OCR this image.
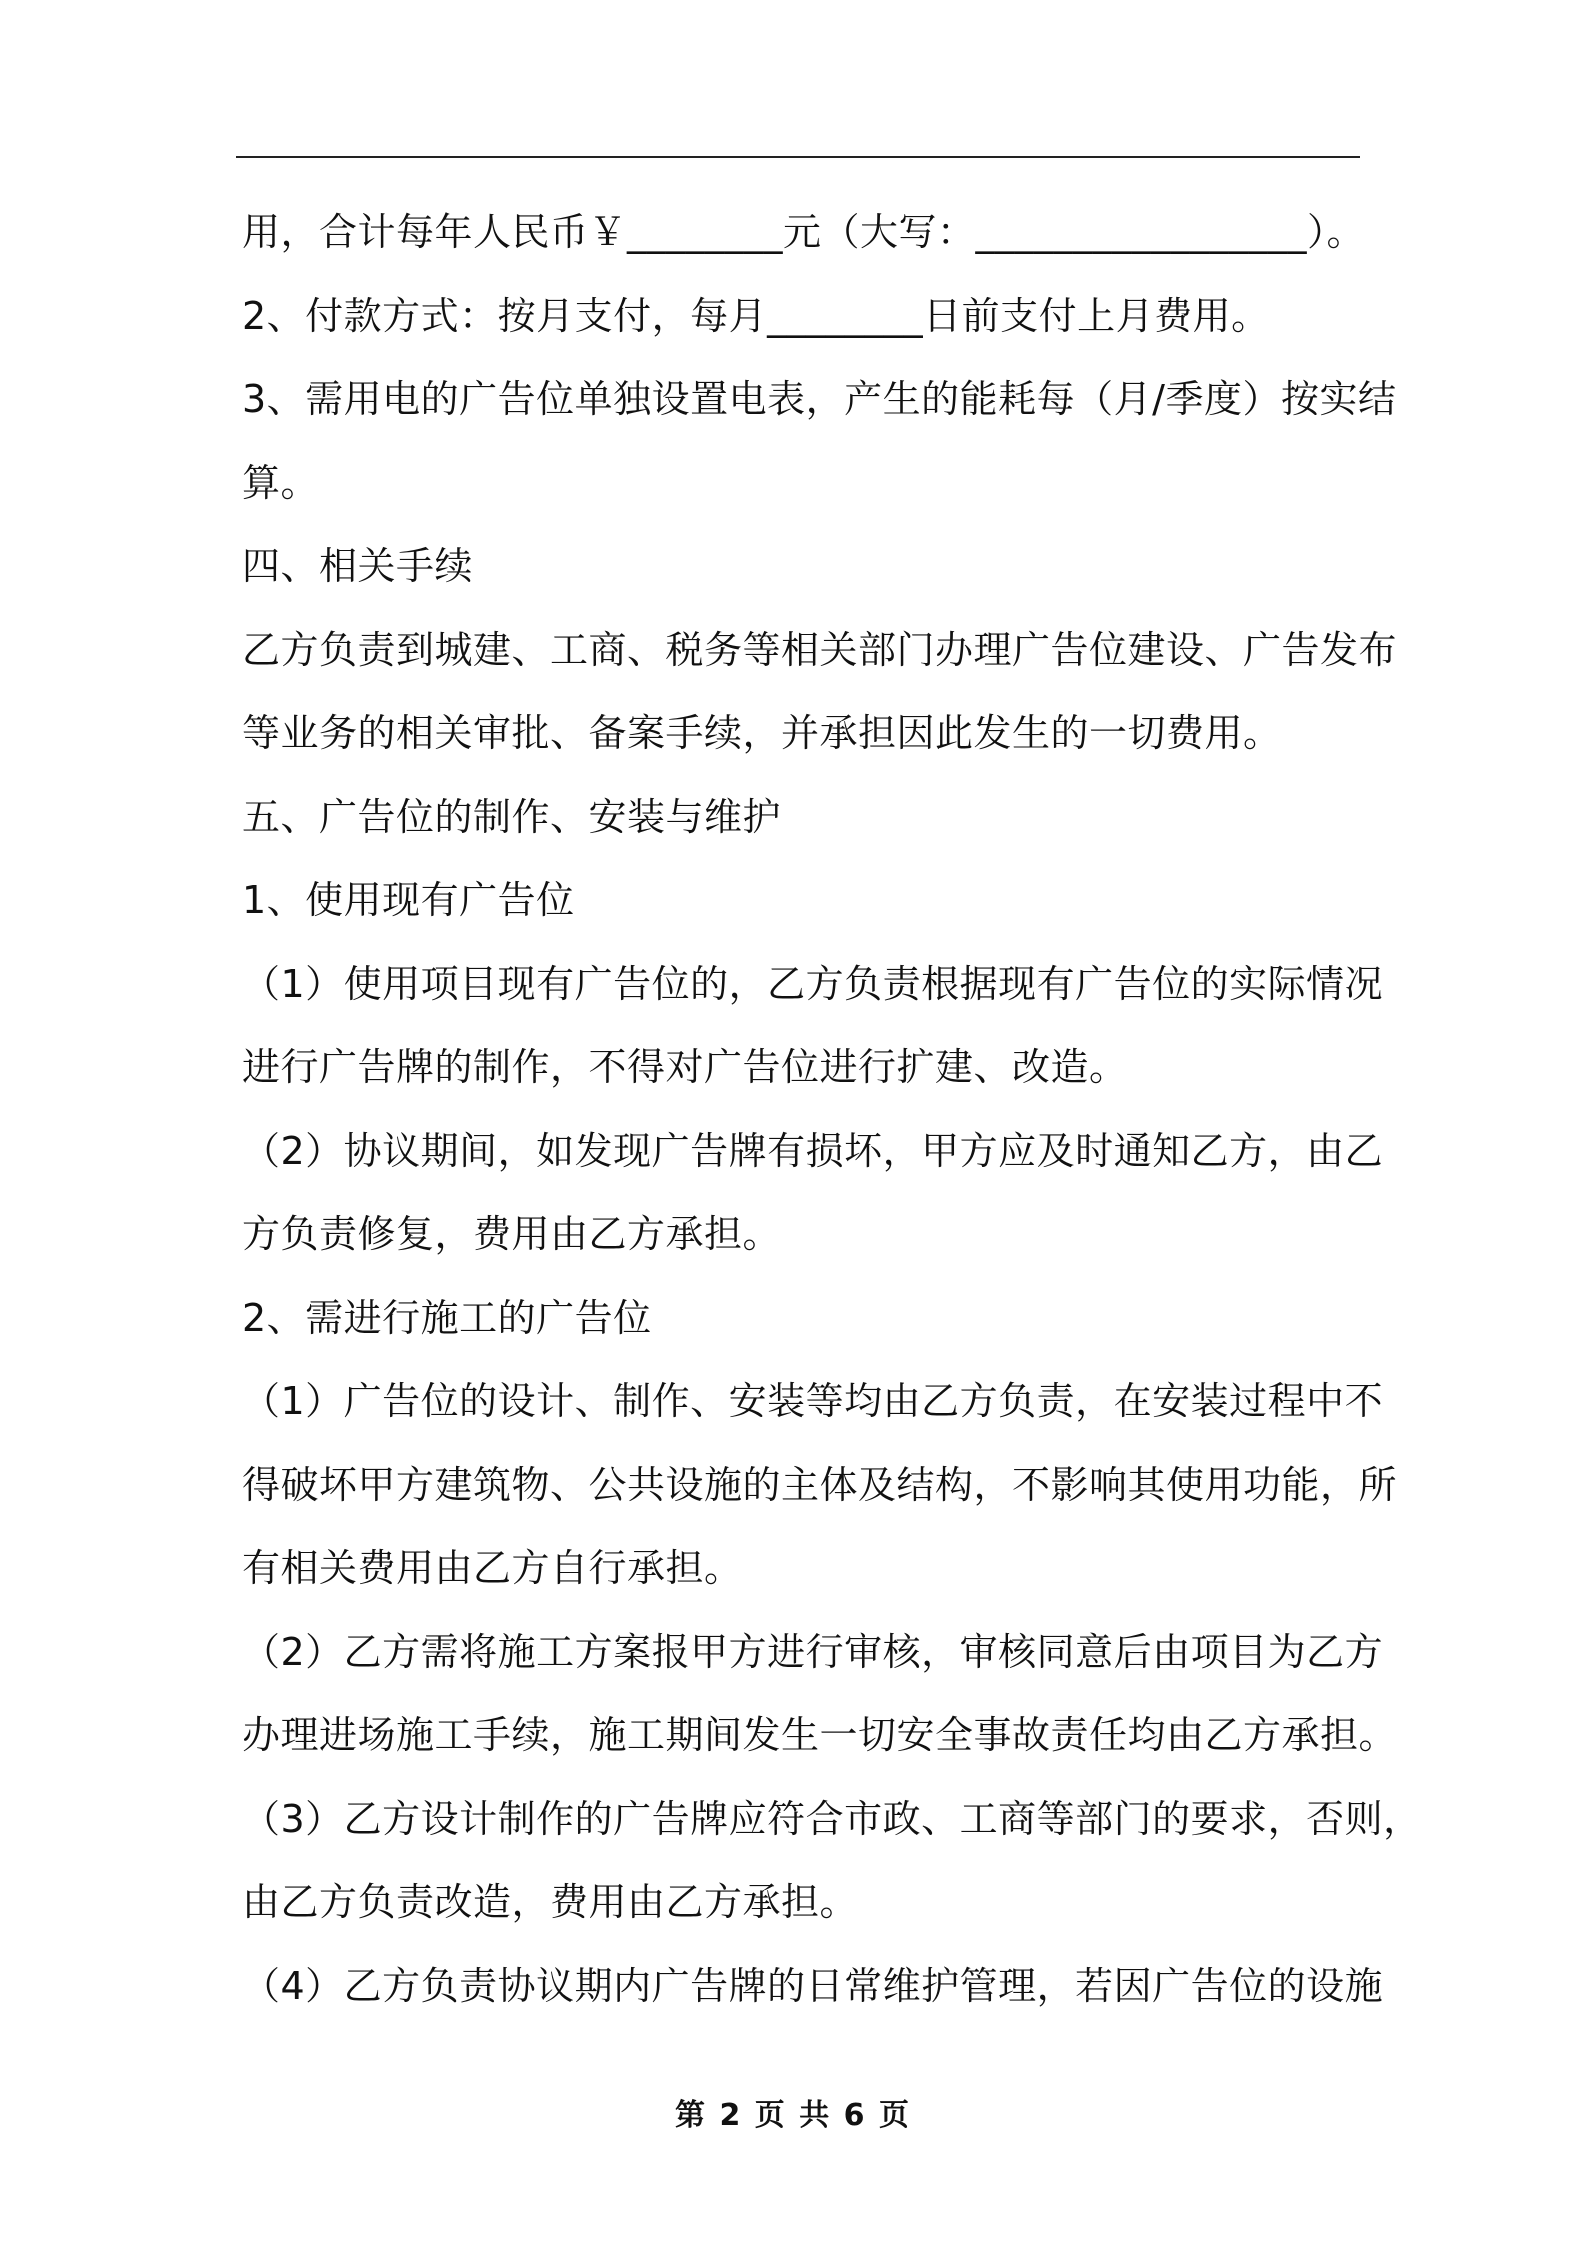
用，合计每年人民币￥________元（大写：_________________）。
2、付款方式：按月支付，每月________日前支付上月费用。
3、需用电的广告位单独设置电表，产生的能耗每（月/季度）按实结
算。
四、相关手续
乙方负责到城建、工商、税务等相关部门办理广告位建设、广告发布
等业务的相关审批、备案手续，并承担因此发生的一切费用。
五、广告位的制作、安装与维护
1、使用现有广告位
（1）使用项目现有广告位的，乙方负责根据现有广告位的实际情况
进行广告牌的制作，不得对广告位进行扩建、改造。
（2）协议期间，如发现广告牌有损坏，甲方应及时通知乙方，由乙
方负责修复，费用由乙方承担。
2、需进行施工的广告位
（1）广告位的设计、制作、安装等均由乙方负责，在安装过程中不
得破坏甲方建筑物、公共设施的主体及结构，不影响其使用功能，所
有相关费用由乙方自行承担。
（2）乙方需将施工方案报甲方进行审核，审核同意后由项目为乙方
办理进场施工手续，施工期间发生一切安全事故责任均由乙方承担。
（3）乙方设计制作的广告牌应符合市政、工商等部门的要求，否则，
由乙方负责改造，费用由乙方承担。
（4）乙方负责协议期内广告牌的日常维护管理，若因广告位的设施
第 2 页 共 6 页
